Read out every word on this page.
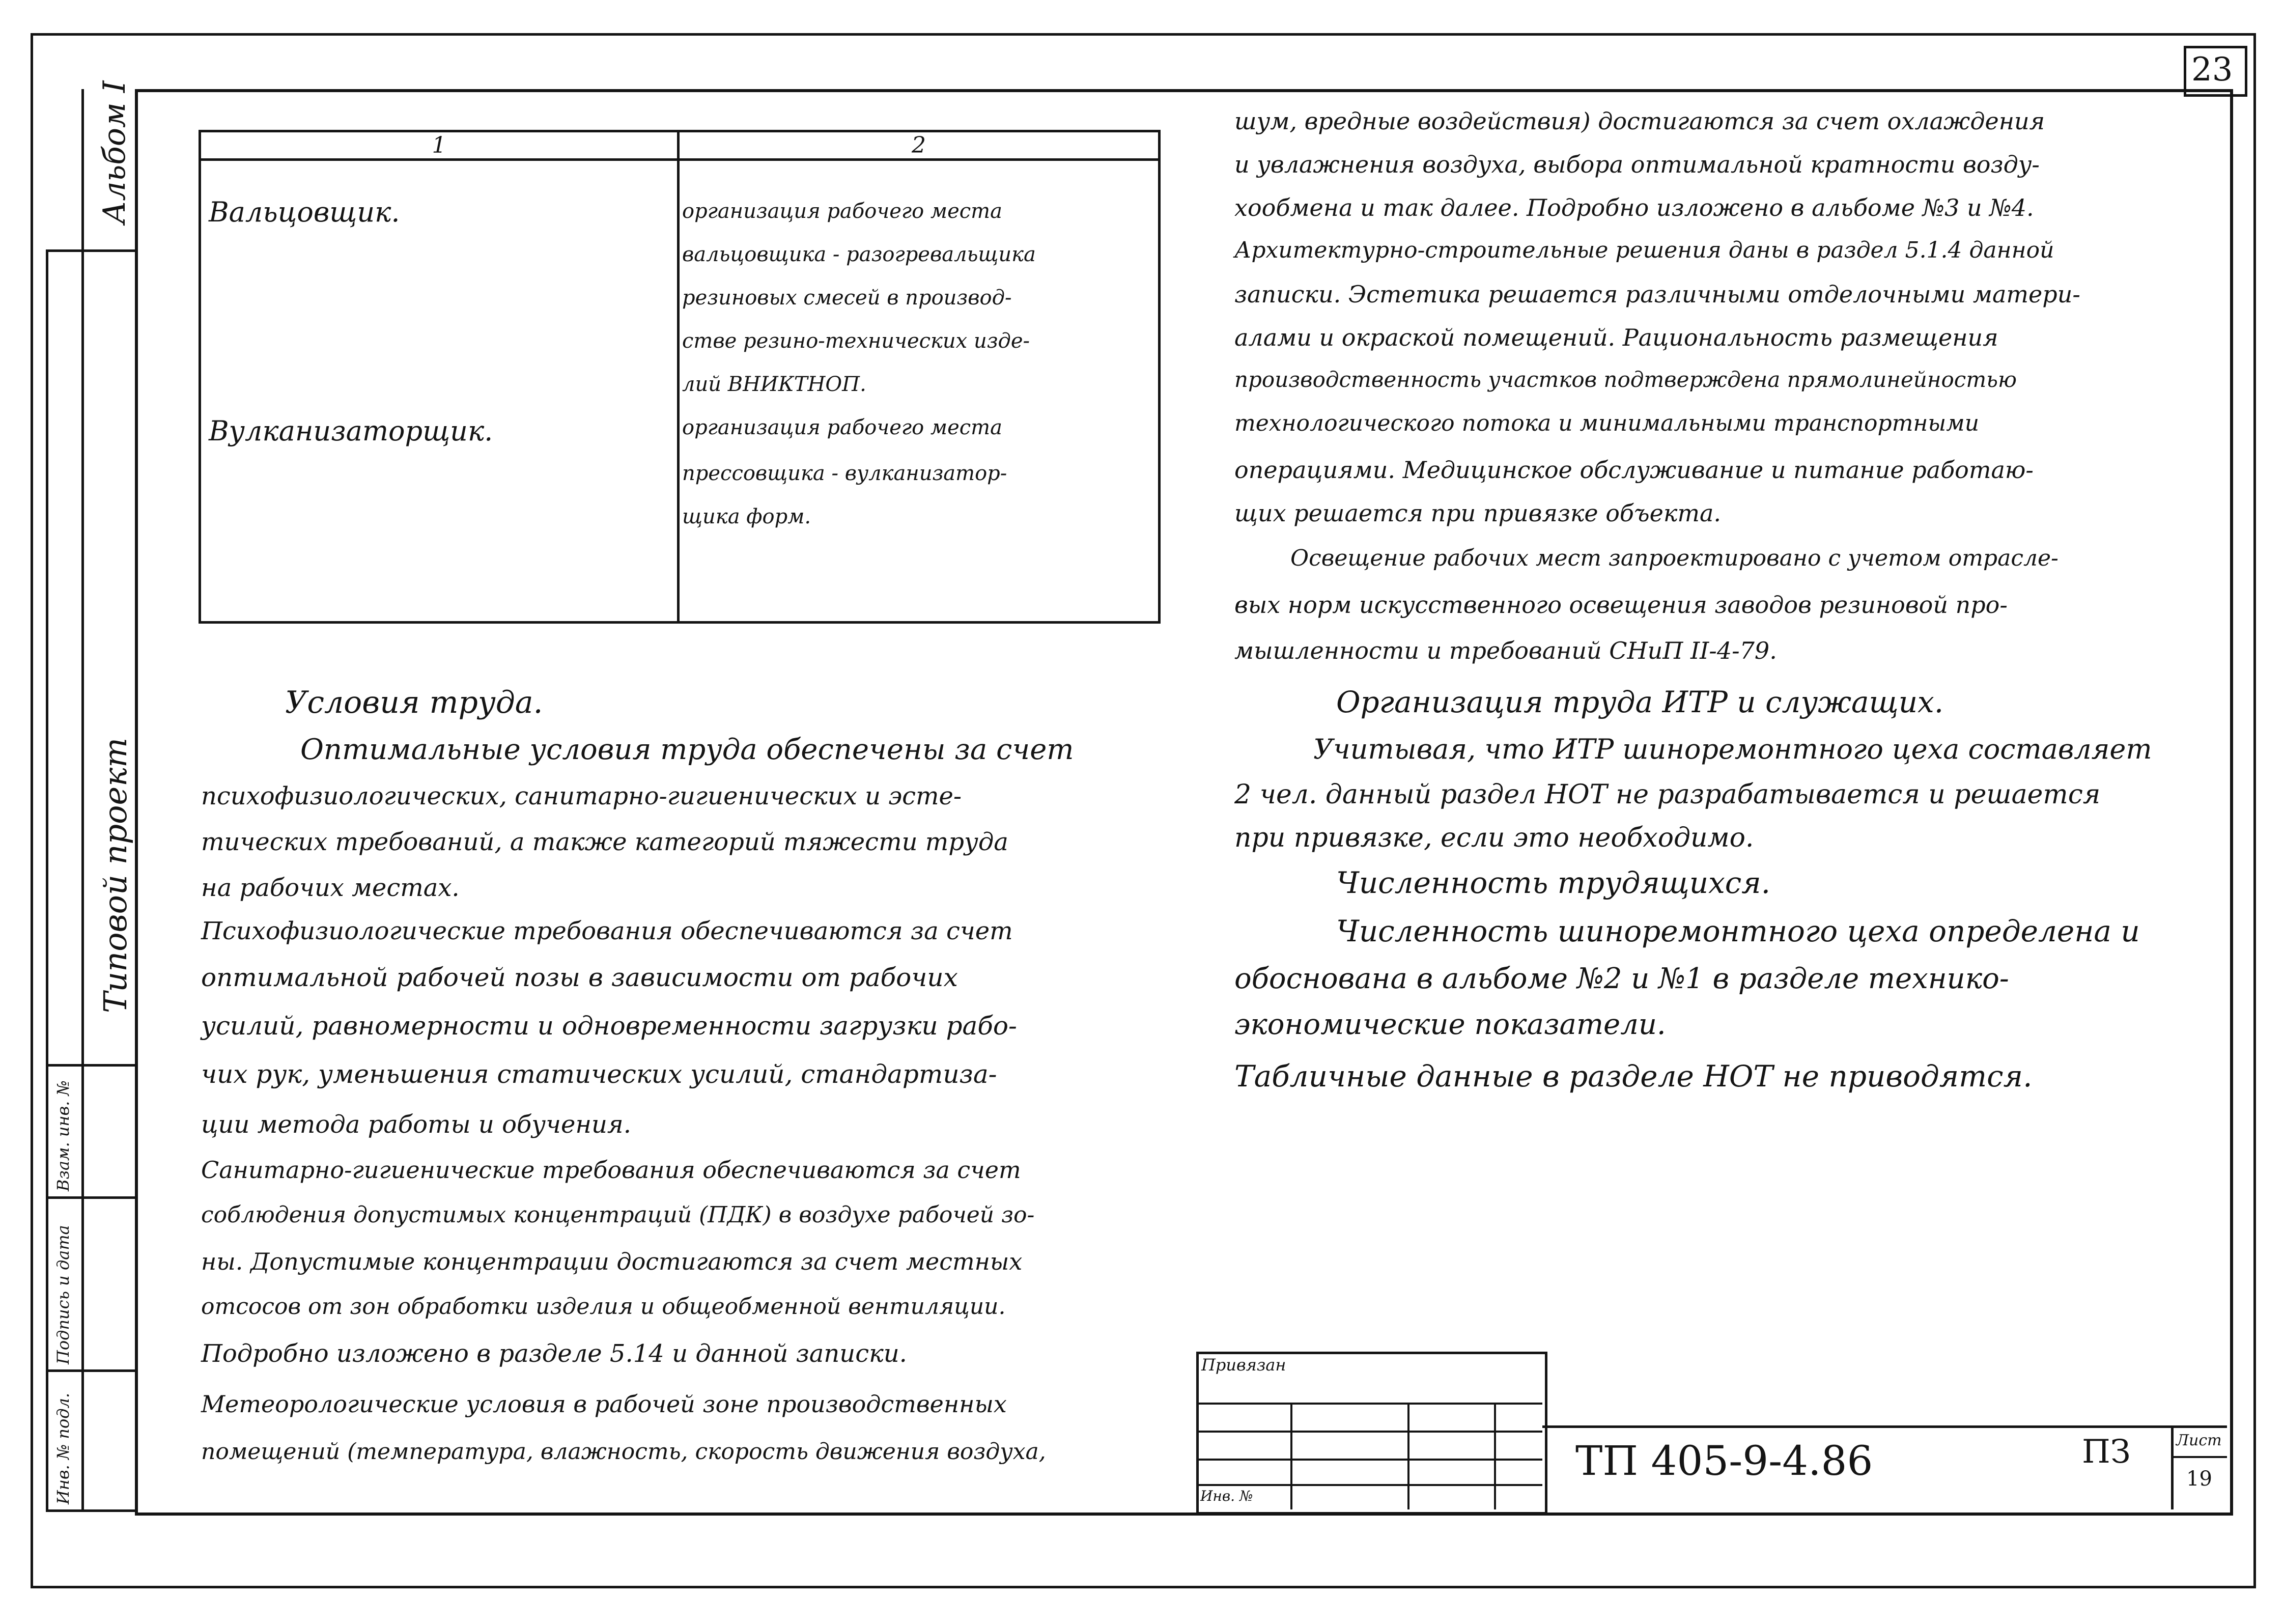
23
Альбом I
Типовой проект
Инв. № подл.
Подпись и дата
Взам. инв. №
1	2

Вальцовщик.	организация рабочего места
вальцовщика - разогревальщика
резиновых смесей в производ-
стве резино-технических изде-
лий ВНИКТНОП.
Вулканизаторщик.	организация рабочего места
прессовщика - вулканизатор-
щика форм.
Условия труда.
Оптимальные условия труда обеспечены за счет
психофизиологических, санитарно-гигиенических и эсте-
тических требований, а также категорий тяжести труда
на рабочих местах.
Психофизиологические требования обеспечиваются за счет
оптимальной рабочей позы в зависимости от рабочих
усилий, равномерности и одновременности загрузки рабо-
чих рук, уменьшения статических усилий, стандартиза-
ции метода работы и обучения.
Санитарно-гигиенические требования обеспечиваются за счет
соблюдения допустимых концентраций (ПДК) в воздухе рабочей зо-
ны. Допустимые концентрации достигаются за счет местных
отсосов от зон обработки изделия и общеобменной вентиляции.
Подробно изложено в разделе 5.14 и данной записки.
Метеорологические условия в рабочей зоне производственных
помещений (температура, влажность, скорость движения воздуха,
шум, вредные воздействия) достигаются за счет охлаждения
и увлажнения воздуха, выбора оптимальной кратности возду-
хообмена и так далее. Подробно изложено в альбоме №3 и №4.
Архитектурно-строительные решения даны в раздел 5.1.4 данной
записки. Эстетика решается различными отделочными матери-
алами и окраской помещений. Рациональность размещения
производственность участков подтверждена прямолинейностью
технологического потока и минимальными транспортными
операциями. Медицинское обслуживание и питание работаю-
щих решается при привязке объекта.
Освещение рабочих мест запроектировано с учетом отрасле-
вых норм искусственного освещения заводов резиновой про-
мышленности и требований СНиП II-4-79.
Организация труда ИТР и служащих.
Учитывая, что ИТР шиноремонтного цеха составляет
2 чел. данный раздел НОТ не разрабатывается и решается
при привязке, если это необходимо.
Численность трудящихся.
Численность шиноремонтного цеха определена и
обоснована в альбоме №2 и №1 в разделе технико-
экономические показатели.
Табличные данные в разделе НОТ не приводятся.
Привязан
Инв. №
ТП 405-9-4.86	ПЗ	Лист
19
